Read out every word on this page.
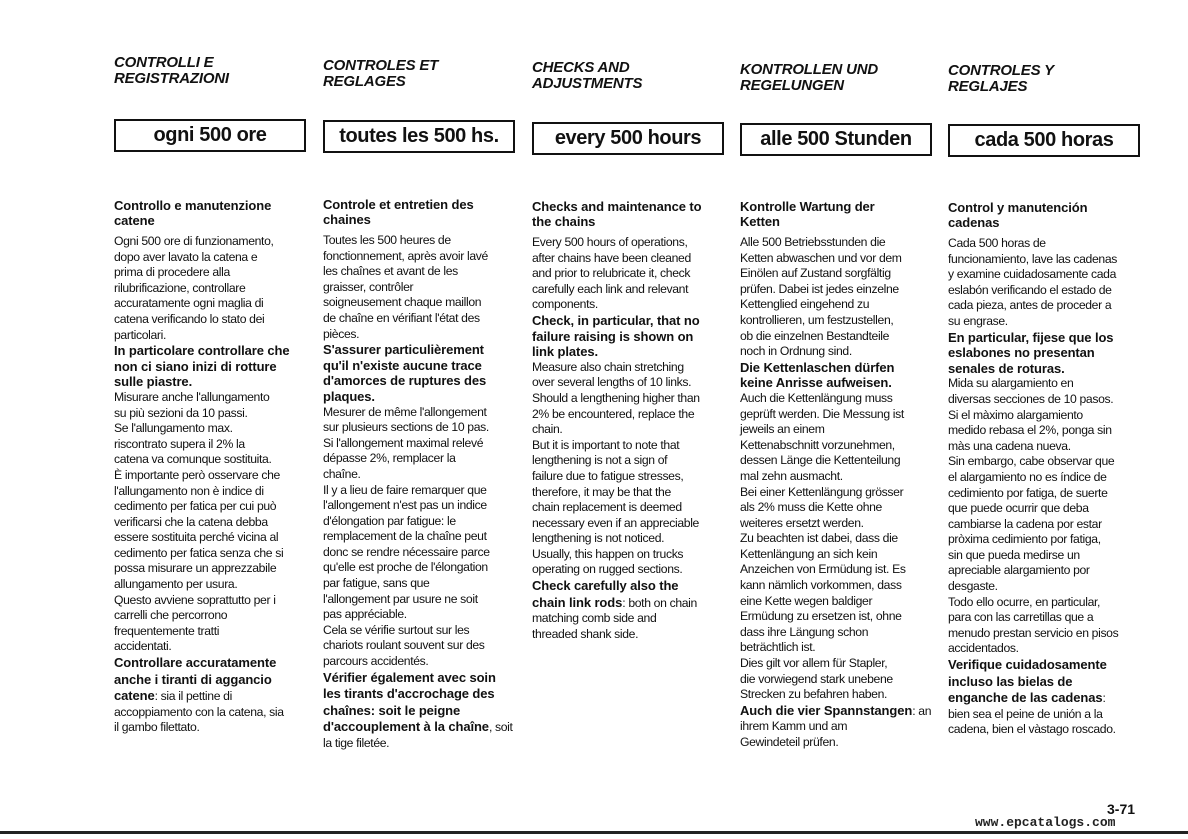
CONTROLLI E
REGISTRAZIONI
ogni 500 ore
Controllo e manutenzione
catene

Ogni 500 ore di funzionamento,
dopo aver lavato la catena e
prima di procedere alla
rilubrificazione, controllare
accuratamente ogni maglia di
catena verificando lo stato dei
particolari.

In particolare controllare che
non ci siano inizi di rotture
sulle piastre.

Misurare anche l'allungamento
su più sezioni da 10 passi.
Se l'allungamento max.
riscontrato supera il 2% la
catena va comunque sostituita.
È importante però osservare che
l'allungamento non è indice di
cedimento per fatica per cui può
verificarsi che la catena debba
essere sostituita perché vicina al
cedimento per fatica senza che si
possa misurare un apprezzabile
allungamento per usura.
Questo avviene soprattutto per i
carrelli che percorrono
frequentemente tratti
accidentati.

Controllare accuratamente
anche i tiranti di aggancio
catene: sia il pettine di
accoppiamento con la catena, sia
il gambo filettato.

CONTROLES ET
REGLAGES
toutes les 500 hs.
Controle et entretien des
chaines

Toutes les 500 heures de
fonctionnement, après avoir lavé
les chaînes et avant de les
graisser, contrôler
soigneusement chaque maillon
de chaîne en vérifiant l'état des
pièces.

S'assurer particulièrement
qu'il n'existe aucune trace
d'amorces de ruptures des
plaques.

Mesurer de même l'allongement
sur plusieurs sections de 10 pas.
Si l'allongement maximal relevé
dépasse 2%, remplacer la
chaîne.
Il y a lieu de faire remarquer que
l'allongement n'est pas un indice
d'élongation par fatigue: le
remplacement de la chaîne peut
donc se rendre nécessaire parce
qu'elle est proche de l'élongation
par fatigue, sans que
l'allongement par usure ne soit
pas appréciable.
Cela se vérifie surtout sur les
chariots roulant souvent sur des
parcours accidentés.

Vérifier également avec soin
les tirants d'accrochage des
chaînes: soit le peigne
d'accouplement à la chaîne, soit la tige filetée.

CHECKS AND
ADJUSTMENTS
every 500 hours
Checks and maintenance to
the chains

Every 500 hours of operations,
after chains have been cleaned
and prior to relubricate it, check
carefully each link and relevant
components.

Check, in particular, that no
failure raising is shown on
link plates.

Measure also chain stretching
over several lengths of 10 links.
Should a lengthening higher than
2% be encountered, replace the
chain.
But it is important to note that
lengthening is not a sign of
failure due to fatigue stresses,
therefore, it may be that the
chain replacement is deemed
necessary even if an appreciable
lengthening is not noticed.
Usually, this happen on trucks
operating on rugged sections.

Check carefully also the
chain link rods: both on chain
matching comb side and
threaded shank side.

KONTROLLEN UND
REGELUNGEN
alle 500 Stunden
Kontrolle Wartung der
Ketten

Alle 500 Betriebsstunden die
Ketten abwaschen und vor dem
Einölen auf Zustand sorgfältig
prüfen. Dabei ist jedes einzelne
Kettenglied eingehend zu
kontrollieren, um festzustellen,
ob die einzelnen Bestandteile
noch in Ordnung sind.

Die Kettenlaschen dürfen
keine Anrisse aufweisen.

Auch die Kettenlängung muss
geprüft werden. Die Messung ist
jeweils an einem
Kettenabschnitt vorzunehmen,
dessen Länge die Kettenteilung
mal zehn ausmacht.
Bei einer Kettenlängung grösser
als 2% muss die Kette ohne
weiteres ersetzt werden.
Zu beachten ist dabei, dass die
Kettenlängung an sich kein
Anzeichen von Ermüdung ist. Es
kann nämlich vorkommen, dass
eine Kette wegen baldiger
Ermüdung zu ersetzen ist, ohne
dass ihre Längung schon
beträchtlich ist.
Dies gilt vor allem für Stapler,
die vorwiegend stark unebene
Strecken zu befahren haben.

Auch die vier Spannstangen: an ihrem Kamm und am
Gewindeteil prüfen.

CONTROLES Y
REGLAJES
cada 500 horas
Control y manutención
cadenas

Cada 500 horas de
funcionamiento, lave las cadenas
y examine cuidadosamente cada
eslabón verificando el estado de
cada pieza, antes de proceder a
su engrase.

En particular, fijese que los
eslabones no presentan
senales de roturas.

Mida su alargamiento en
diversas secciones de 10 pasos.
Si el màximo alargamiento
medido rebasa el 2%, ponga sin
màs una cadena nueva.
Sin embargo, cabe observar que
el alargamiento no es índice de
cedimiento por fatiga, de suerte
que puede ocurrir que deba
cambiarse la cadena por estar
pròxima cedimiento por fatiga,
sin que pueda medirse un
apreciable alargamiento por
desgaste.
Todo ello ocurre, en particular,
para con las carretillas que a
menudo prestan servicio en pisos
accidentados.

Verifique cuidadosamente
incluso las bielas de
enganche de las cadenas:
bien sea el peine de unión a la
cadena, bien el vàstago roscado.

3-71
www.epcatalogs.com
